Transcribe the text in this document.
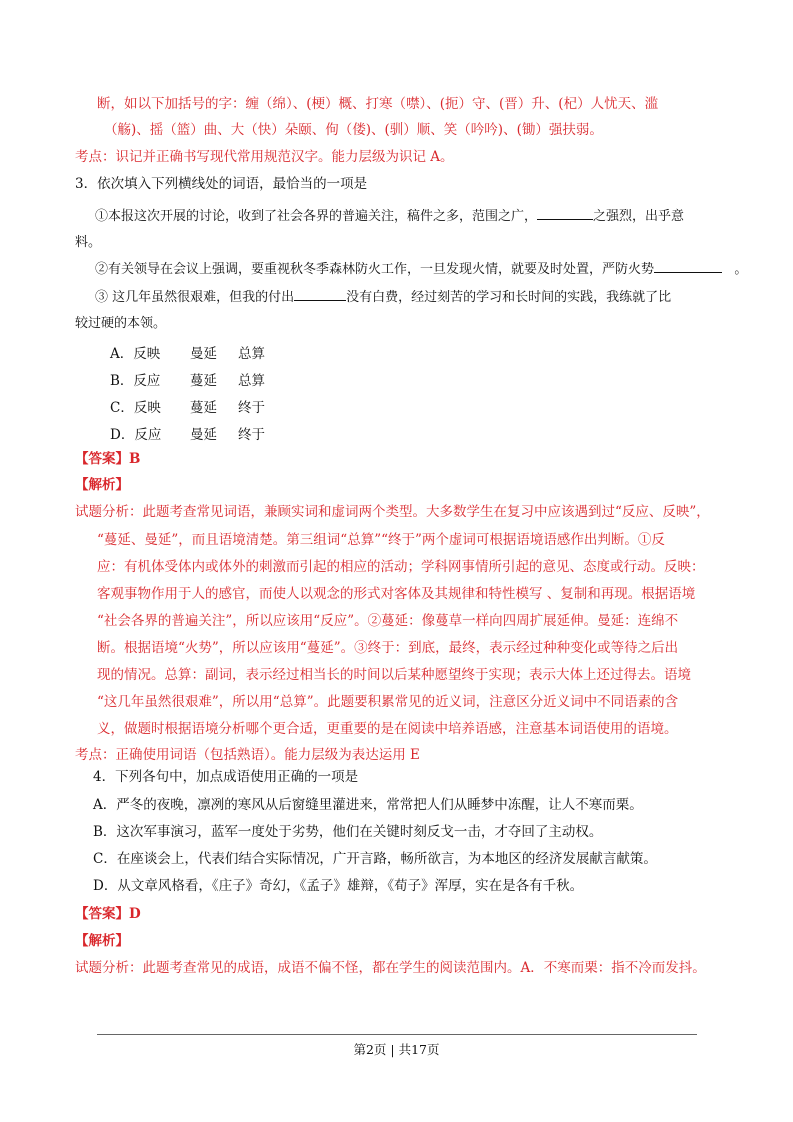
断，如以下加括号的字：缠（绵）、(梗）概、打寒（噤）、(扼）守、(晋）升、(杞）人忧天、滥
（觞)、摇（篮）曲、大（快）朵颐、佝（偻)、(驯）顺、笑（吟吟)、(锄）强扶弱。
考点：识记并正确书写现代常用规范汉字。能力层级为识记 A。
3．依次填入下列横线处的词语，最恰当的一项是
①本报这次开展的讨论，收到了社会各界的普遍关注，稿件之多，范围之广，	之强烈，出乎意
料。
②有关领导在会议上强调，要重视秋冬季森林防火工作，一旦发现火情，就要及时处置，严防火势	。
③ 这几年虽然很艰难，但我的付出	没有白费，经过刻苦的学习和长时间的实践，我练就了比
较过硬的本领。
A．反映 曼延 总算
B．反应 蔓延 总算
C．反映 蔓延 终于
D．反应 曼延 终于
【答案】B
【解析】
试题分析：此题考查常见词语，兼顾实词和虚词两个类型。大多数学生在复习中应该遇到过“反应、反映”，
“蔓延、曼延”，而且语境清楚。第三组词“总算”“终于”两个虚词可根据语境语感作出判断。①反
应：有机体受体内或体外的刺激而引起的相应的活动；学科网事情所引起的意见、态度或行动。反映：
客观事物作用于人的感官，而使人以观念的形式对客体及其规律和特性模写 、复制和再现。根据语境
“社会各界的普遍关注”，所以应该用“反应”。②蔓延：像蔓草一样向四周扩展延伸。曼延：连绵不
断。根据语境“火势”，所以应该用“蔓延”。③终于：到底，最终，表示经过种种变化或等待之后出
现的情况。总算：副词，表示经过相当长的时间以后某种愿望终于实现；表示大体上还过得去。语境
“这几年虽然很艰难”，所以用“总算”。此题要积累常见的近义词，注意区分近义词中不同语素的含
义，做题时根据语境分析哪个更合适，更重要的是在阅读中培养语感，注意基本词语使用的语境。
考点：正确使用词语（包括熟语）。能力层级为表达运用 E
4．下列各句中，加点成语使用正确的一项是
A．严冬的夜晚，凛冽的寒风从后窗缝里灌进来，常常把人们从睡梦中冻醒，让人不寒而栗。
B．这次军事演习，蓝军一度处于劣势，他们在关键时刻反戈一击，才夺回了主动权。
C．在座谈会上，代表们结合实际情况，广开言路，畅所欲言，为本地区的经济发展献言献策。
D．从文章风格看，《庄子》奇幻，《孟子》雄辩，《荀子》浑厚，实在是各有千秋。
【答案】D
【解析】
试题分析：此题考查常见的成语，成语不偏不怪，都在学生的阅读范围内。A．不寒而栗：指不冷而发抖。
第2页 | 共17页
